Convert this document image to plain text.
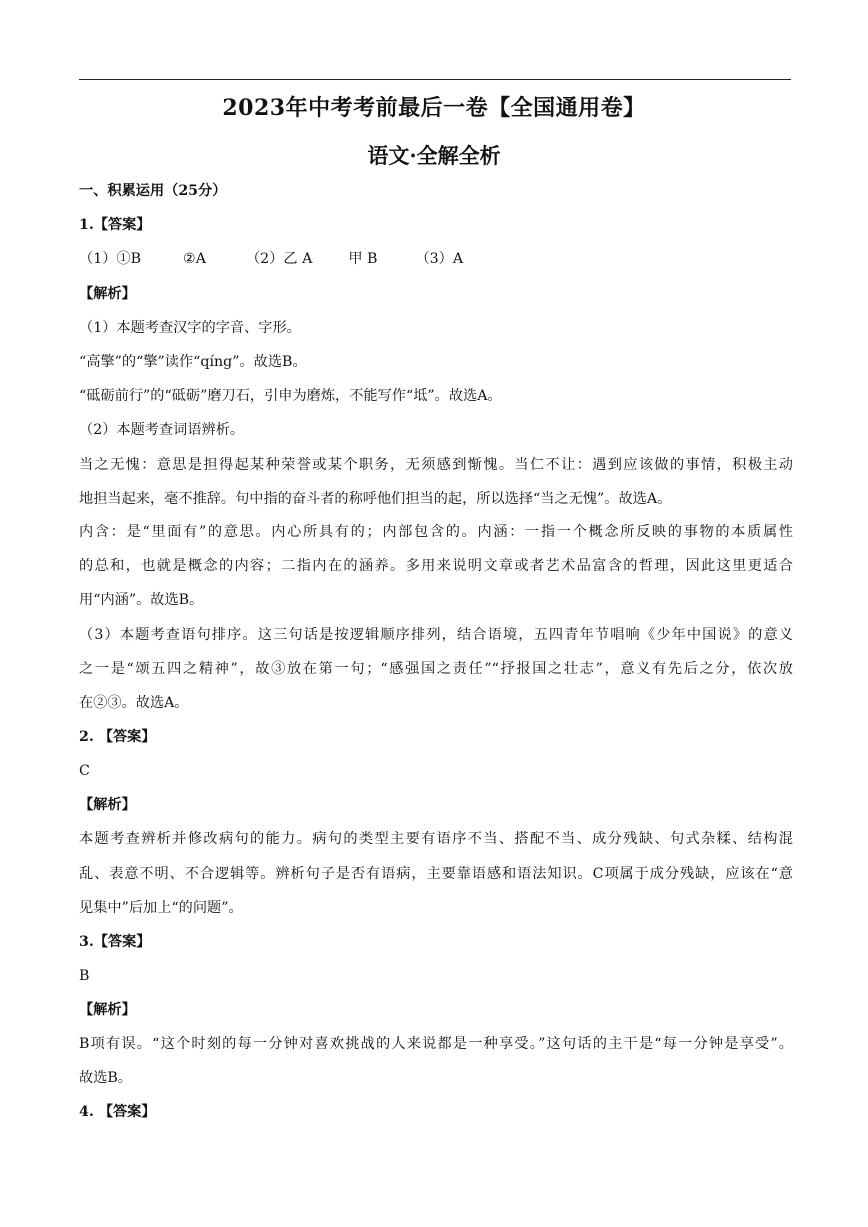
2023年中考考前最后一卷【全国通用卷】
语文·全解全析
一、积累运用（25分）
1.【答案】
（1）①B	②A	（2）乙 A	甲 B	（3）A
【解析】
（1）本题考查汉字的字音、字形。
“高擎”的“擎”读作“qíng”。故选B。
“砥砺前行”的“砥砺”磨刀石，引申为磨炼，不能写作“坻”。故选A。
（2）本题考查词语辨析。
当之无愧：意思是担得起某种荣誉或某个职务，无须感到惭愧。当仁不让：遇到应该做的事情，积极主动
地担当起来，毫不推辞。句中指的奋斗者的称呼他们担当的起，所以选择“当之无愧”。故选A。
内含：是“里面有”的意思。内心所具有的；内部包含的。内涵：一指一个概念所反映的事物的本质属性
的总和，也就是概念的内容；二指内在的涵养。多用来说明文章或者艺术品富含的哲理，因此这里更适合
用“内涵”。故选B。
（3）本题考查语句排序。这三句话是按逻辑顺序排列，结合语境，五四青年节唱响《少年中国说》的意义
之一是“颂五四之精神”，故③放在第一句；“感强国之责任”“抒报国之壮志”，意义有先后之分，依次放
在②③。故选A。
2. 【答案】
C
【解析】
本题考查辨析并修改病句的能力。病句的类型主要有语序不当、搭配不当、成分残缺、句式杂糅、结构混
乱、表意不明、不合逻辑等。辨析句子是否有语病，主要靠语感和语法知识。C项属于成分残缺，应该在“意
见集中”后加上“的问题”。
3.【答案】
B
【解析】
B项有误。“这个时刻的每一分钟对喜欢挑战的人来说都是一种享受。”这句话的主干是“每一分钟是享受”。
故选B。
4. 【答案】
